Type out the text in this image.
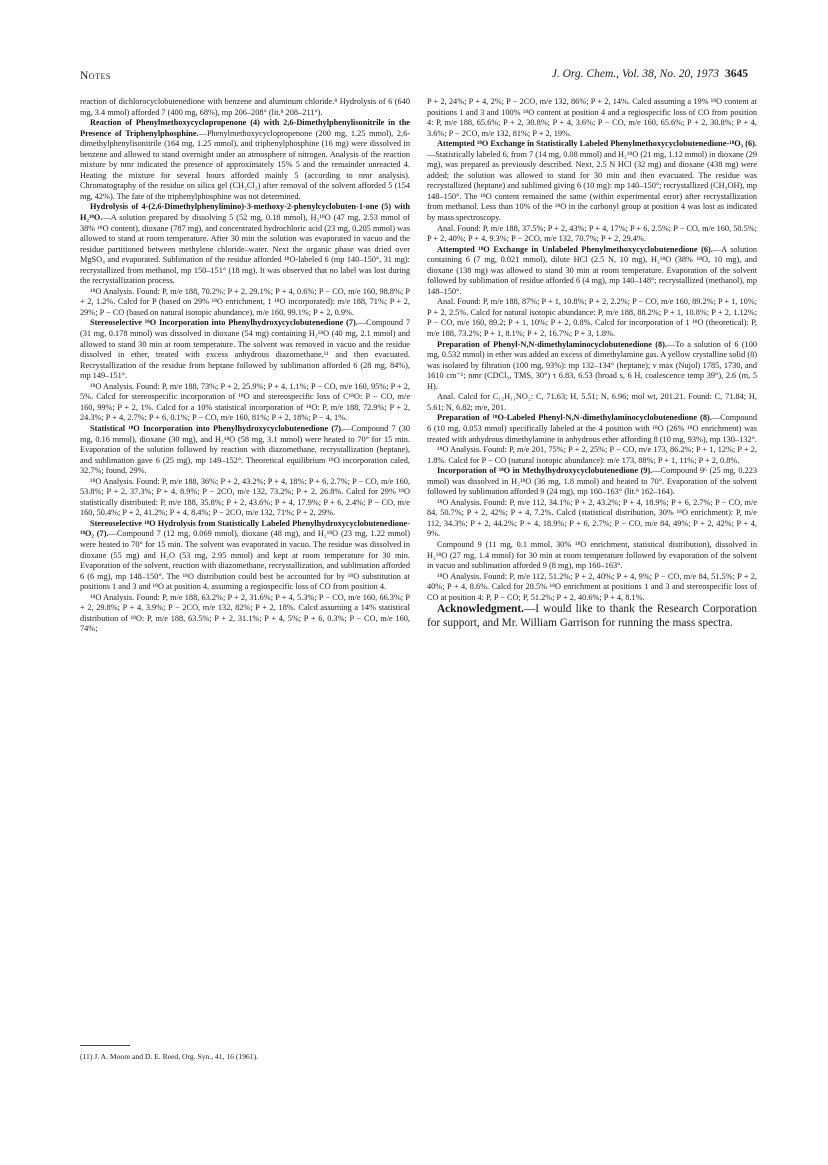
Notes	J. Org. Chem., Vol. 38, No. 20, 1973 3645

reaction of dichlorocyclobutenedione with benzene and aluminum chloride.⁸ Hydrolysis of 6 (640 mg, 3.4 mmol) afforded 7 (400 mg, 68%), mp 206–208° (lit.⁸ 208–211°).

Reaction of Phenylmethoxycyclopropenone (4) with 2,6-Dimethylphenylisonitrile in the Presence of Triphenylphosphine.—Phenylmethoxycyclopropenone (200 mg, 1.25 mmol), 2,6-dimethylphenylisonitrile (164 mg, 1.25 mmol), and triphenylphosphine (16 mg) were dissolved in benzene and allowed to stand overnight under an atmosphere of nitrogen. Analysis of the reaction mixture by nmr indicated the presence of approximately 15% 5 and the remainder unreacted 4. Heating the mixture for several hours afforded mainly 5 (according to nmr analysis). Chromatography of the residue on silica gel (CH₂Cl₂) after removal of the solvent afforded 5 (154 mg, 42%). The fate of the triphenylphosphine was not determined.

Hydrolysis of 4-(2,6-Dimethylphenylimino)-3-methoxy-2-phenylcyclobuten-1-one (5) with H₂¹⁸O.—A solution prepared by dissolving 5 (52 mg, 0.18 mmol), H₂¹⁸O (47 mg, 2.53 mmol of 38% ¹⁸O content), dioxane (787 mg), and concentrated hydrochloric acid (23 mg, 0.205 mmol) was allowed to stand at room temperature. After 30 min the solution was evaporated in vacuo and the residue partitioned between methylene chloride–water. Next the organic phase was dried over MgSO₄ and evaporated. Sublimation of the residue afforded ¹⁸O-labeled 6 (mp 140–150°, 31 mg): recrystallized from methanol, mp 150–151° (18 mg). It was observed that no label was lost during the recrystallization process.

¹⁸O Analysis. Found: P, m/e 188, 70.2%; P + 2, 29.1%; P + 4, 0.6%; P − CO, m/e 160, 98.8%; P + 2, 1.2%. Calcd for P (based on 29% ¹⁸O enrichment, 1 ¹⁸O incorporated): m/e 188, 71%; P + 2, 29%; P − CO (based on natural isotopic abundance), m/e 160, 99.1%; P + 2, 0.9%.

Stereoselective ¹⁸O Incorporation into Phenylhydroxycyclobutenedione (7).—Compound 7 (31 mg, 0.178 mmol) was dissolved in dioxane (54 mg) containing H₂¹⁸O (40 mg, 2.1 mmol) and allowed to stand 30 min at room temperature. The solvent was removed in vacuo and the residue dissolved in ether, treated with excess anhydrous diazomethane,¹¹ and then evacuated. Recrystallization of the residue from heptane followed by sublimation afforded 6 (28 mg, 84%), mp 149–151°.

¹⁸O Analysis. Found: P, m/e 188, 73%; P + 2, 25.9%; P + 4, 1.1%; P − CO, m/e 160, 95%; P + 2, 5%. Calcd for stereospecific incorporation of ¹⁸O and stereospecific loss of C¹⁸O: P − CO, m/e 160, 99%; P + 2, 1%. Calcd for a 10% statistical incorporation of ¹⁸O: P, m/e 188, 72.9%; P + 2, 24.3%; P + 4, 2.7%; P + 6, 0.1%; P − CO, m/e 160, 81%; P + 2, 18%; P − 4, 1%.

Statistical ¹⁸O Incorporation into Phenylhydroxycyclobutenedione (7).—Compound 7 (30 mg, 0.16 mmol), dioxane (30 mg), and H₂¹⁸O (58 mg, 3.1 mmol) were heated to 70° for 15 min. Evaporation of the solution followed by reaction with diazomethane, recrystallization (heptane), and sublimation gave 6 (25 mg), mp 149–152°. Theoretical equilibrium ¹⁸O incorporation caled, 32.7%; found, 29%.

¹⁸O Analysis. Found: P, m/e 188, 36%; P + 2, 43.2%; P + 4, 18%; P + 6, 2.7%; P − CO, m/e 160, 53.8%; P + 2, 37.3%; P + 4, 8.9%; P − 2CO, m/e 132, 73.2%; P + 2, 26.8%. Calcd for 29% ¹⁸O statistically distributed: P, m/e 188, 35.8%; P + 2, 43.6%; P + 4, 17.9%; P + 6, 2.4%; P − CO, m/e 160, 50.4%; P + 2, 41.2%; P + 4, 8.4%; P − 2CO, m/e 132, 71%; P + 2, 29%.

Stereoselective ¹⁸O Hydrolysis from Statistically Labeled Phenylhydroxycyclobutenedione-¹⁸O₂ (7).—Compound 7 (12 mg, 0.069 mmol), dioxane (48 mg), and H₂¹⁸O (23 mg, 1.22 mmol) were heated to 70° for 15 min. The solvent was evaporated in vacuo. The residue was dissolved in dioxane (55 mg) and H₂O (53 mg, 2.95 mmol) and kept at room temperature for 30 min. Evaporation of the solvent, reaction with diazomethane, recrystallization, and sublimation afforded 6 (6 mg), mp 148–150°. The ¹⁸O distribution could best be accounted for by ¹⁸O substitution at positions 1 and 3 and ¹⁸O at position 4, assuming a regiospecific loss of CO from position 4.

¹⁸O Analysis. Found: P, m/e 188, 63.2%; P + 2, 31.6%; P + 4, 5.3%; P − CO, m/e 160, 66.3%; P + 2, 29.8%; P + 4, 3.9%; P − 2CO, m/e 132, 82%; P + 2, 18%. Calcd assuming a 14% statistical distribution of ¹⁸O: P, m/e 188, 63.5%; P + 2, 31.1%; P + 4, 5%; P + 6, 0.3%; P − CO, m/e 160, 74%;

P + 2, 24%; P + 4, 2%; P − 2CO, m/e 132, 86%; P + 2, 14%. Calcd assuming a 19% ¹⁸O content at positions 1 and 3 and 100% ¹⁸O content at position 4 and a regiospecific loss of CO from position 4: P, m/e 188, 65.6%; P + 2, 30.8%; P + 4, 3.6%; P − CO, m/e 160, 65.6%; P + 2, 30.8%; P + 4, 3.6%; P − 2CO, m/e 132, 81%; P + 2, 19%.

Attempted ¹⁸O Exchange in Statistically Labeled Phenylmethoxycyclobutenedione-¹⁸O₃ (6).—Statistically labeled 6, from 7 (14 mg, 0.08 mmol) and H₂¹⁸O (21 mg, 1.12 mmol) in dioxane (29 mg), was prepared as previously described. Next, 2.5 N HCl (32 mg) and dioxane (438 mg) were added; the solution was allowed to stand for 30 min and then evacuated. The residue was recrystallized (heptane) and sublimed giving 6 (10 mg): mp 140–150°; recrystallized (CH₃OH), mp 148–150°. The ¹⁸O content remained the same (within experimental error) after recrystallization from methanol. Less than 10% of the ¹⁸O in the carbonyl group at position 4 was lost as indicated by mass spectroscopy.

Anal. Found: P, m/e 188, 37.5%; P + 2, 43%; P + 4, 17%; P + 6, 2.5%; P − CO, m/e 160, 50.5%; P + 2, 40%; P + 4, 9.3%; P − 2CO, m/e 132, 70.7%; P + 2, 29.4%.

Attempted ¹⁸O Exchange in Unlabeled Phenylmethoxycyclobutenedione (6).—A solution containing 6 (7 mg, 0.021 mmol), dilute HCl (2.5 N, 10 mg), H₂¹⁸O (38% ¹⁸O, 10 mg), and dioxane (138 mg) was allowed to stand 30 min at room temperature. Evaporation of the solvent followed by sublimation of residue afforded 6 (4 mg), mp 140–148°; recrystallized (methanol), mp 148–150°.

Anal. Found: P, m/e 188, 87%; P + 1, 10.8%; P + 2, 2.2%; P − CO, m/e 160, 89.2%; P + 1, 10%; P + 2, 2.5%. Calcd for natural isotopic abundance: P, m/e 188, 88.2%; P + 1, 10.8%; P + 2, 1.12%; P − CO, m/e 160, 89.2; P + 1, 10%; P + 2, 0.8%. Calcd for incorporation of 1 ¹⁸O (theoretical): P, m/e 188, 73.2%; P + 1, 8.1%; P + 2, 16.7%; P + 3, 1.8%.

Preparation of Phenyl-N,N-dimethylaminocyclobutenedione (8).—To a solution of 6 (100 mg, 0.532 mmol) in ether was added an excess of dimethylamine gas. A yellow crystalline solid (8) was isolated by filtration (100 mg, 93%): mp 132–134° (heptane); ν max (Nujol) 1785, 1730, and 1610 cm⁻¹; nmr (CDCl₃, TMS, 30°) τ 6.83, 6.53 (broad s, 6 H, coalescence temp 39°), 2.6 (m, 5 H).

Anal. Calcd for C₁₂H₁₁NO₂: C, 71.63; H, 5.51; N, 6.96; mol wt, 201.21. Found: C, 71.84; H, 5.61; N, 6.82; m/e, 201.

Preparation of ¹⁸O-Labeled Phenyl-N,N-dimethylaminocyclobutenedione (8).—Compound 6 (10 mg, 0.053 mmol) specifically labeled at the 4 position with ¹⁸O (26% ¹⁸O enrichment) was treated with anhydrous dimethylamine in anhydrous ether affording 8 (10 mg, 93%), mp 130–132°.

¹⁸O Analysis. Found: P, m/e 201, 75%; P + 2, 25%; P − CO, m/e 173, 86.2%; P + 1, 12%; P + 2, 1.8%. Calcd for P − CO (natural isotopic abundance): m/e 173, 88%; P + 1, 11%; P + 2, 0.8%.

Incorporation of ¹⁸O in Methylhydroxycyclobutenedione (9).—Compound 9⁶ (25 mg, 0.223 mmol) was dissolved in H₂¹⁸O (36 mg, 1.8 mmol) and heated to 70°. Evaporation of the solvent followed by sublimation afforded 9 (24 mg), mp 160–163° (lit.⁸ 162–164).

¹⁸O Analysis. Found: P, m/e 112, 34.1%; P + 2, 43.2%; P + 4, 18.9%; P + 6, 2.7%; P − CO, m/e 84, 50.7%; P + 2, 42%; P + 4, 7.2%. Calcd (statistical distribution, 30% ¹⁸O enrichment): P, m/e 112, 34.3%; P + 2, 44.2%; P + 4, 18.9%; P + 6, 2.7%; P − CO, m/e 84, 49%; P + 2, 42%; P + 4, 9%.

Compound 9 (11 mg, 0.1 mmol, 30% ¹⁸O enrichment, statistical distribution), dissolved in H₂¹⁸O (27 mg, 1.4 mmol) for 30 min at room temperature followed by evaporation of the solvent in vacuo and sublimation afforded 9 (8 mg), mp 160–163°.

¹⁸O Analysis. Found: P, m/e 112, 51.2%; P + 2, 40%; P + 4, 9%; P − CO, m/e 84, 51.5%; P + 2, 40%; P + 4, 8.6%. Calcd for 28.5% ¹⁸O enrichment at positions 1 and 3 and stereospecific loss of CO at position 4: P, P − CO; P, 51.2%; P + 2, 40.6%; P + 4, 8.1%.

Acknowledgment.—I would like to thank the Research Corporation for support, and Mr. William Garrison for running the mass spectra.

(11) J. A. Moore and D. E. Reed, Org. Syn., 41, 16 (1961).
